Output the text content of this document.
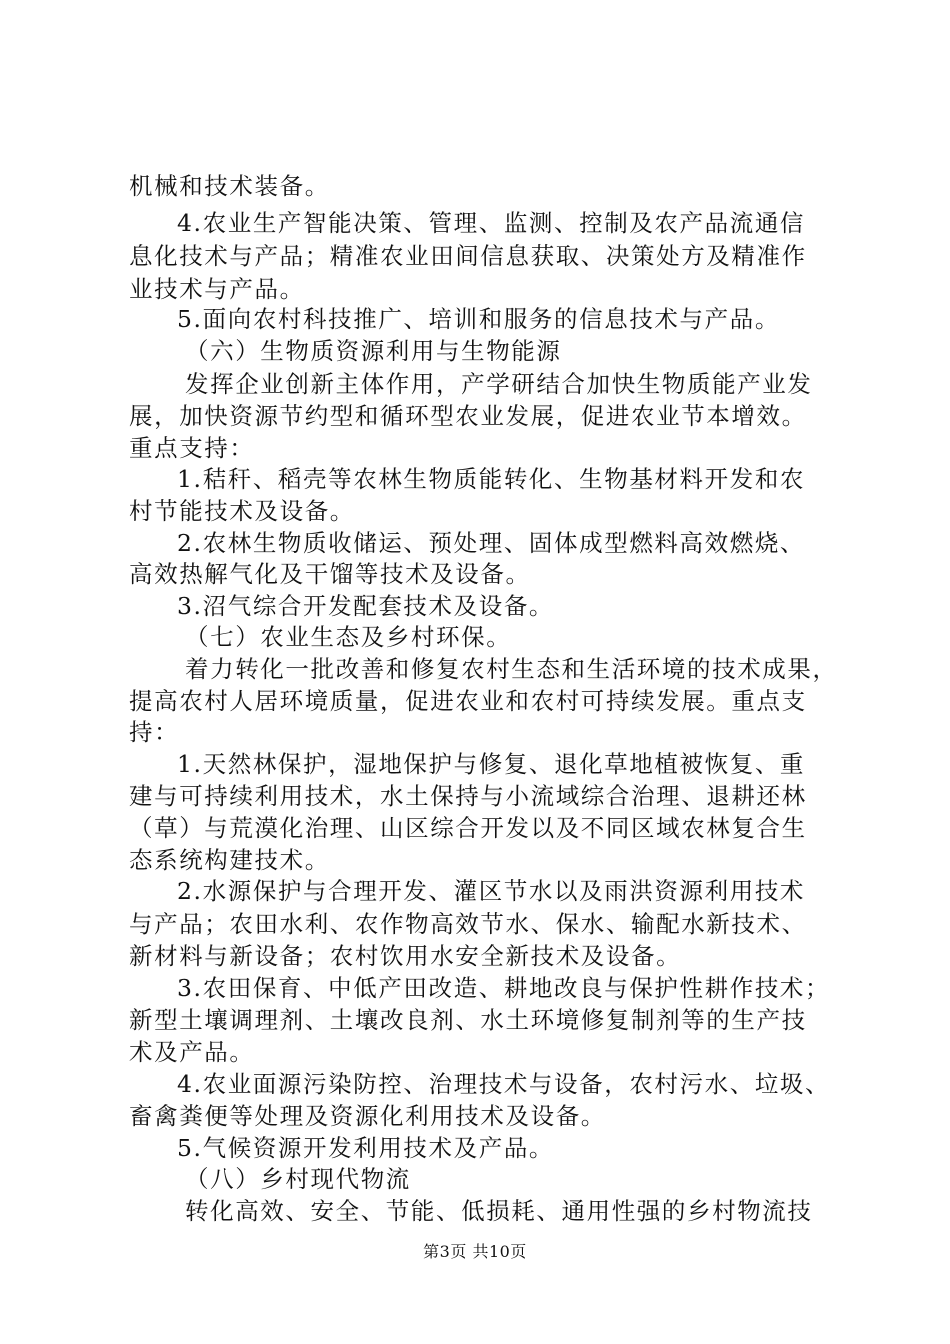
机械和技术装备。
4.农业生产智能决策、管理、监测、控制及农产品流通信
息化技术与产品；精准农业田间信息获取、决策处方及精准作
业技术与产品。
5.面向农村科技推广、培训和服务的信息技术与产品。
（六）生物质资源利用与生物能源
发挥企业创新主体作用，产学研结合加快生物质能产业发
展，加快资源节约型和循环型农业发展，促进农业节本增效。
重点支持：
1.秸秆、稻壳等农林生物质能转化、生物基材料开发和农
村节能技术及设备。
2.农林生物质收储运、预处理、固体成型燃料高效燃烧、
高效热解气化及干馏等技术及设备。
3.沼气综合开发配套技术及设备。
（七）农业生态及乡村环保。
着力转化一批改善和修复农村生态和生活环境的技术成果，
提高农村人居环境质量，促进农业和农村可持续发展。重点支
持：
1.天然林保护，湿地保护与修复、退化草地植被恢复、重
建与可持续利用技术，水土保持与小流域综合治理、退耕还林
（草）与荒漠化治理、山区综合开发以及不同区域农林复合生
态系统构建技术。
2.水源保护与合理开发、灌区节水以及雨洪资源利用技术
与产品；农田水利、农作物高效节水、保水、输配水新技术、
新材料与新设备；农村饮用水安全新技术及设备。
3.农田保育、中低产田改造、耕地改良与保护性耕作技术；
新型土壤调理剂、土壤改良剂、水土环境修复制剂等的生产技
术及产品。
4.农业面源污染防控、治理技术与设备，农村污水、垃圾、
畜禽粪便等处理及资源化利用技术及设备。
5.气候资源开发利用技术及产品。
（八）乡村现代物流
转化高效、安全、节能、低损耗、通用性强的乡村物流技
第3页 共10页
